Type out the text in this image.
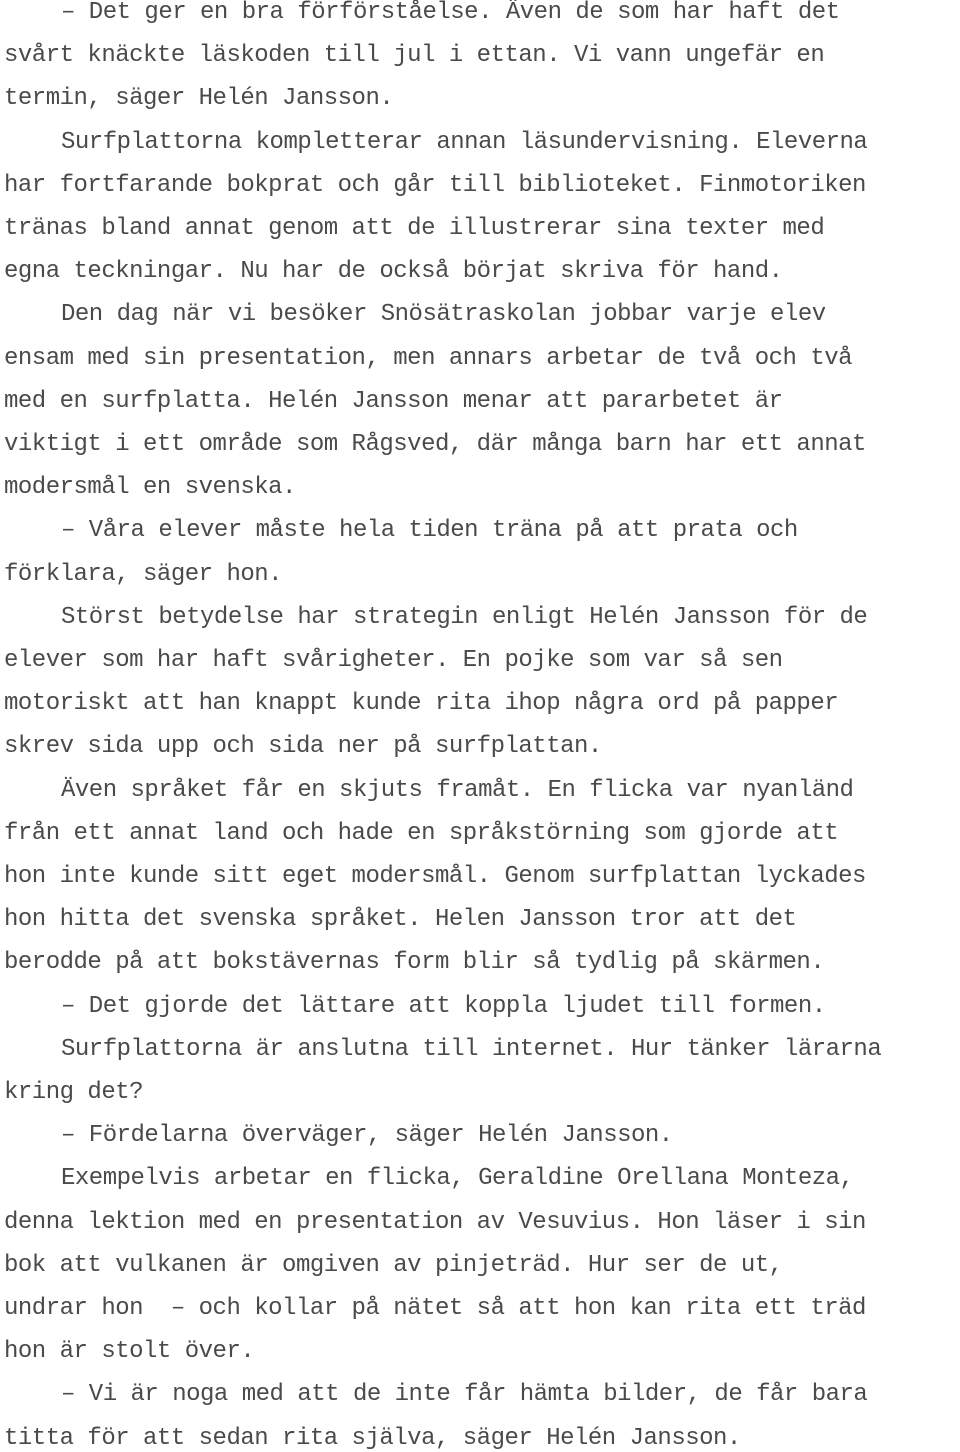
– Det ger en bra förförståelse. Även de som har haft det
svårt knäckte läskoden till jul i ettan. Vi vann ungefär en
termin, säger Helén Jansson.
Surfplattorna kompletterar annan läsundervisning. Eleverna
har fortfarande bokprat och går till biblioteket. Finmotoriken
tränas bland annat genom att de illustrerar sina texter med
egna teckningar. Nu har de också börjat skriva för hand.
Den dag när vi besöker Snösätraskolan jobbar varje elev
ensam med sin presentation, men annars arbetar de två och två
med en surfplatta. Helén Jansson menar att pararbetet är
viktigt i ett område som Rågsved, där många barn har ett annat
modersmål en svenska.
– Våra elever måste hela tiden träna på att prata och
förklara, säger hon.
Störst betydelse har strategin enligt Helén Jansson för de
elever som har haft svårigheter. En pojke som var så sen
motoriskt att han knappt kunde rita ihop några ord på papper
skrev sida upp och sida ner på surfplattan.
Även språket får en skjuts framåt. En flicka var nyanländ
från ett annat land och hade en språkstörning som gjorde att
hon inte kunde sitt eget modersmål. Genom surfplattan lyckades
hon hitta det svenska språket. Helen Jansson tror att det
berodde på att bokstävernas form blir så tydlig på skärmen.
– Det gjorde det lättare att koppla ljudet till formen.
Surfplattorna är anslutna till internet. Hur tänker lärarna
kring det?
– Fördelarna överväger, säger Helén Jansson.
Exempelvis arbetar en flicka, Geraldine Orellana Monteza,
denna lektion med en presentation av Vesuvius. Hon läser i sin
bok att vulkanen är omgiven av pinjeträd. Hur ser de ut,
undrar hon  – och kollar på nätet så att hon kan rita ett träd
hon är stolt över.
– Vi är noga med att de inte får hämta bilder, de får bara
titta för att sedan rita själva, säger Helén Jansson.
